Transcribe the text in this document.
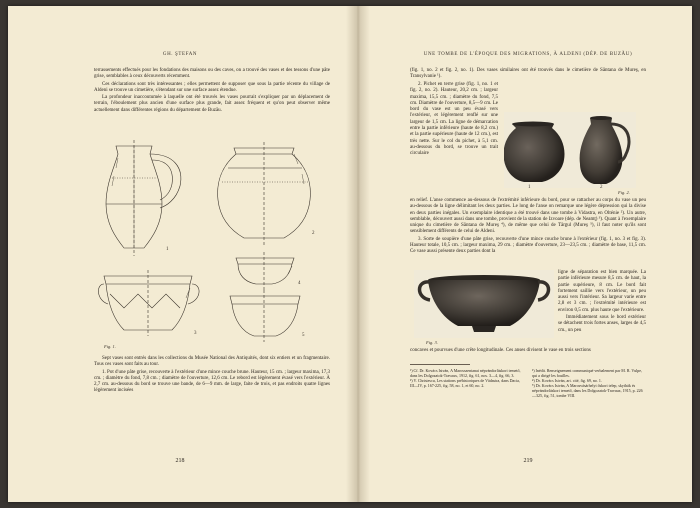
GH. ŞTEFAN

terrassements effectués pour les fondations des maisons ou des caves, on a trouvé des vases et des tessons d'une pâte grise, semblables à ceux découverts récemment.

Ces déclarations sont très intéressantes ; elles permettent de supposer que sous la partie récente du village de Aldeni se trouve un cimetière, s'étendant sur une surface assez étendue.

La profondeur inaccoutumée à laquelle ont été trouvés les vases pourrait s'expliquer par un déplacement de terrain, l'éboulement plus ancien d'une surface plus grande, fait assez fréquent et qu'on peut observer même actuellement dans différentes régions du département de Buzău.

1
2
3
4
5
Fig. 1.

Sept vases sont entrés dans les collections du Musée National des Antiquités, dont six entiers et un fragmentaire. Tous ces vases sont faits au tour.

1. Pot d'une pâte grise, recouverte à l'extérieur d'une mince couche brune. Hauteur, 15 cm. ; largeur maxima, 17,3 cm. ; diamètre du fond, 7,8 cm. ; diamètre de l'ouverture, 12,6 cm. Le rebord est légèrement évasé vers l'extérieur. À 2,7 cm. au-dessous du bord se trouve une bande, de 6—9 mm. de large, faite de trois, et pas endroits quatre lignes légèrement incisées

218
UNE TOMBE DE L'ÉPOQUE DES MIGRATIONS, À ALDENI (DÉP. DE BUZĂU)

(fig. 1, no. 2 et fig. 2, no. 1). Des vases similaires ont été trouvés dans le cimetière de Sântana de Mureş, en Transylvanie ¹).

2. Pichet en terre grise (fig. 1, no. 1 et fig. 2, no. 2). Hauteur, 20,2 cm. ; largeur maxima, 15,5 cm. ; diamètre du fond, 7,5 cm. Diamètre de l'ouverture, 8,5—9 cm. Le bord du vase est un peu évasé vers l'extérieur, et légèrement renflé sur une largeur de 1,5 cm. La ligne de démarcation entre la partie inférieure (haute de 8,2 cm.) et la partie supérieure (haute de 12 cm.), est très nette. Sur le col du pichet, à 5,1 cm. au-dessous du bord, se trouve un trait circulaire

1	2
Fig. 2.

en relief. L'anse commence au-dessous de l'extrémité inférieure du bord, pour se rattacher au corps du vase un peu au-dessous de la ligne délimitant les deux parties. Le long de l'anse on remarque une légère dépression qui la divise en deux parties inégales. Un exemplaire identique a été trouvé dans une tombe à Vidastra, en Olténie ²). Un autre, semblable, découvert aussi dans une tombe, provient de la station de Izvoare (dép. de Neamţ) ³). Quant à l'exemplaire unique du cimetière de Sântana de Mureş ⁴), de même que celui de Târgul (Mureş ⁵), il faut noter qu'ils sont sensiblement différents de celui de Aldeni.

3. Sorte de soupière d'une pâte grise, recouverte d'une mince couche brune à l'extérieur (fig. 1, no. 3 et fig. 3). Hauteur totale, 10,5 cm. ; largeur maxima, 29 cm. ; diamètre d'ouverture, 23—23,5 cm. ; diamètre de base, 11,5 cm. Ce vase aussi présente deux parties dont la

Fig. 3.

ligne de séparation est bien marquée. La partie inférieure mesure 8,5 cm. de haut, la partie supérieure, 8 cm. Le bord fait fortement saillie vers l'extérieur, un peu aussi vers l'intérieur. Sa largeur varie entre 2,8 et 3 cm. ; l'extrémité intérieure est environ 0,5 cm. plus haute que l'extérieure.

Immédiatement sous le bord extérieur se détachent trois fortes anses, larges de 4,5 cm., un peu

concaves et pourvues d'une crête longitudinale. Ces anses divisent le vase en trois sections

¹) Cf. Dr. Kovács István, A Marosszentanai népvándorláskori temető, dans les Dolgozatok-Travaux, 1912, fig. 61, nos. 3—4, fig. 66, 3.
²) V. Christescu, Les stations préhistoriques de Vădastra, dans Dacia, III—IV, p. 167-225, fig. 58, no. 1, et 60, no. 2.
³) Inédit. Renseignement communiqué verbalement par M. R. Vulpe, qui a dirigé les fouilles.
⁴) Dr. Kovács István, art. cité, fig. 69, no. 1.
⁵) Dr. Kovács István, A Marosvásárhelyi őskori telep, skythák és népvándorláskori temető, dans les Dolgozatok-Travaux, 1915, p. 226—325, fig. 51, tombe VIII.
219
